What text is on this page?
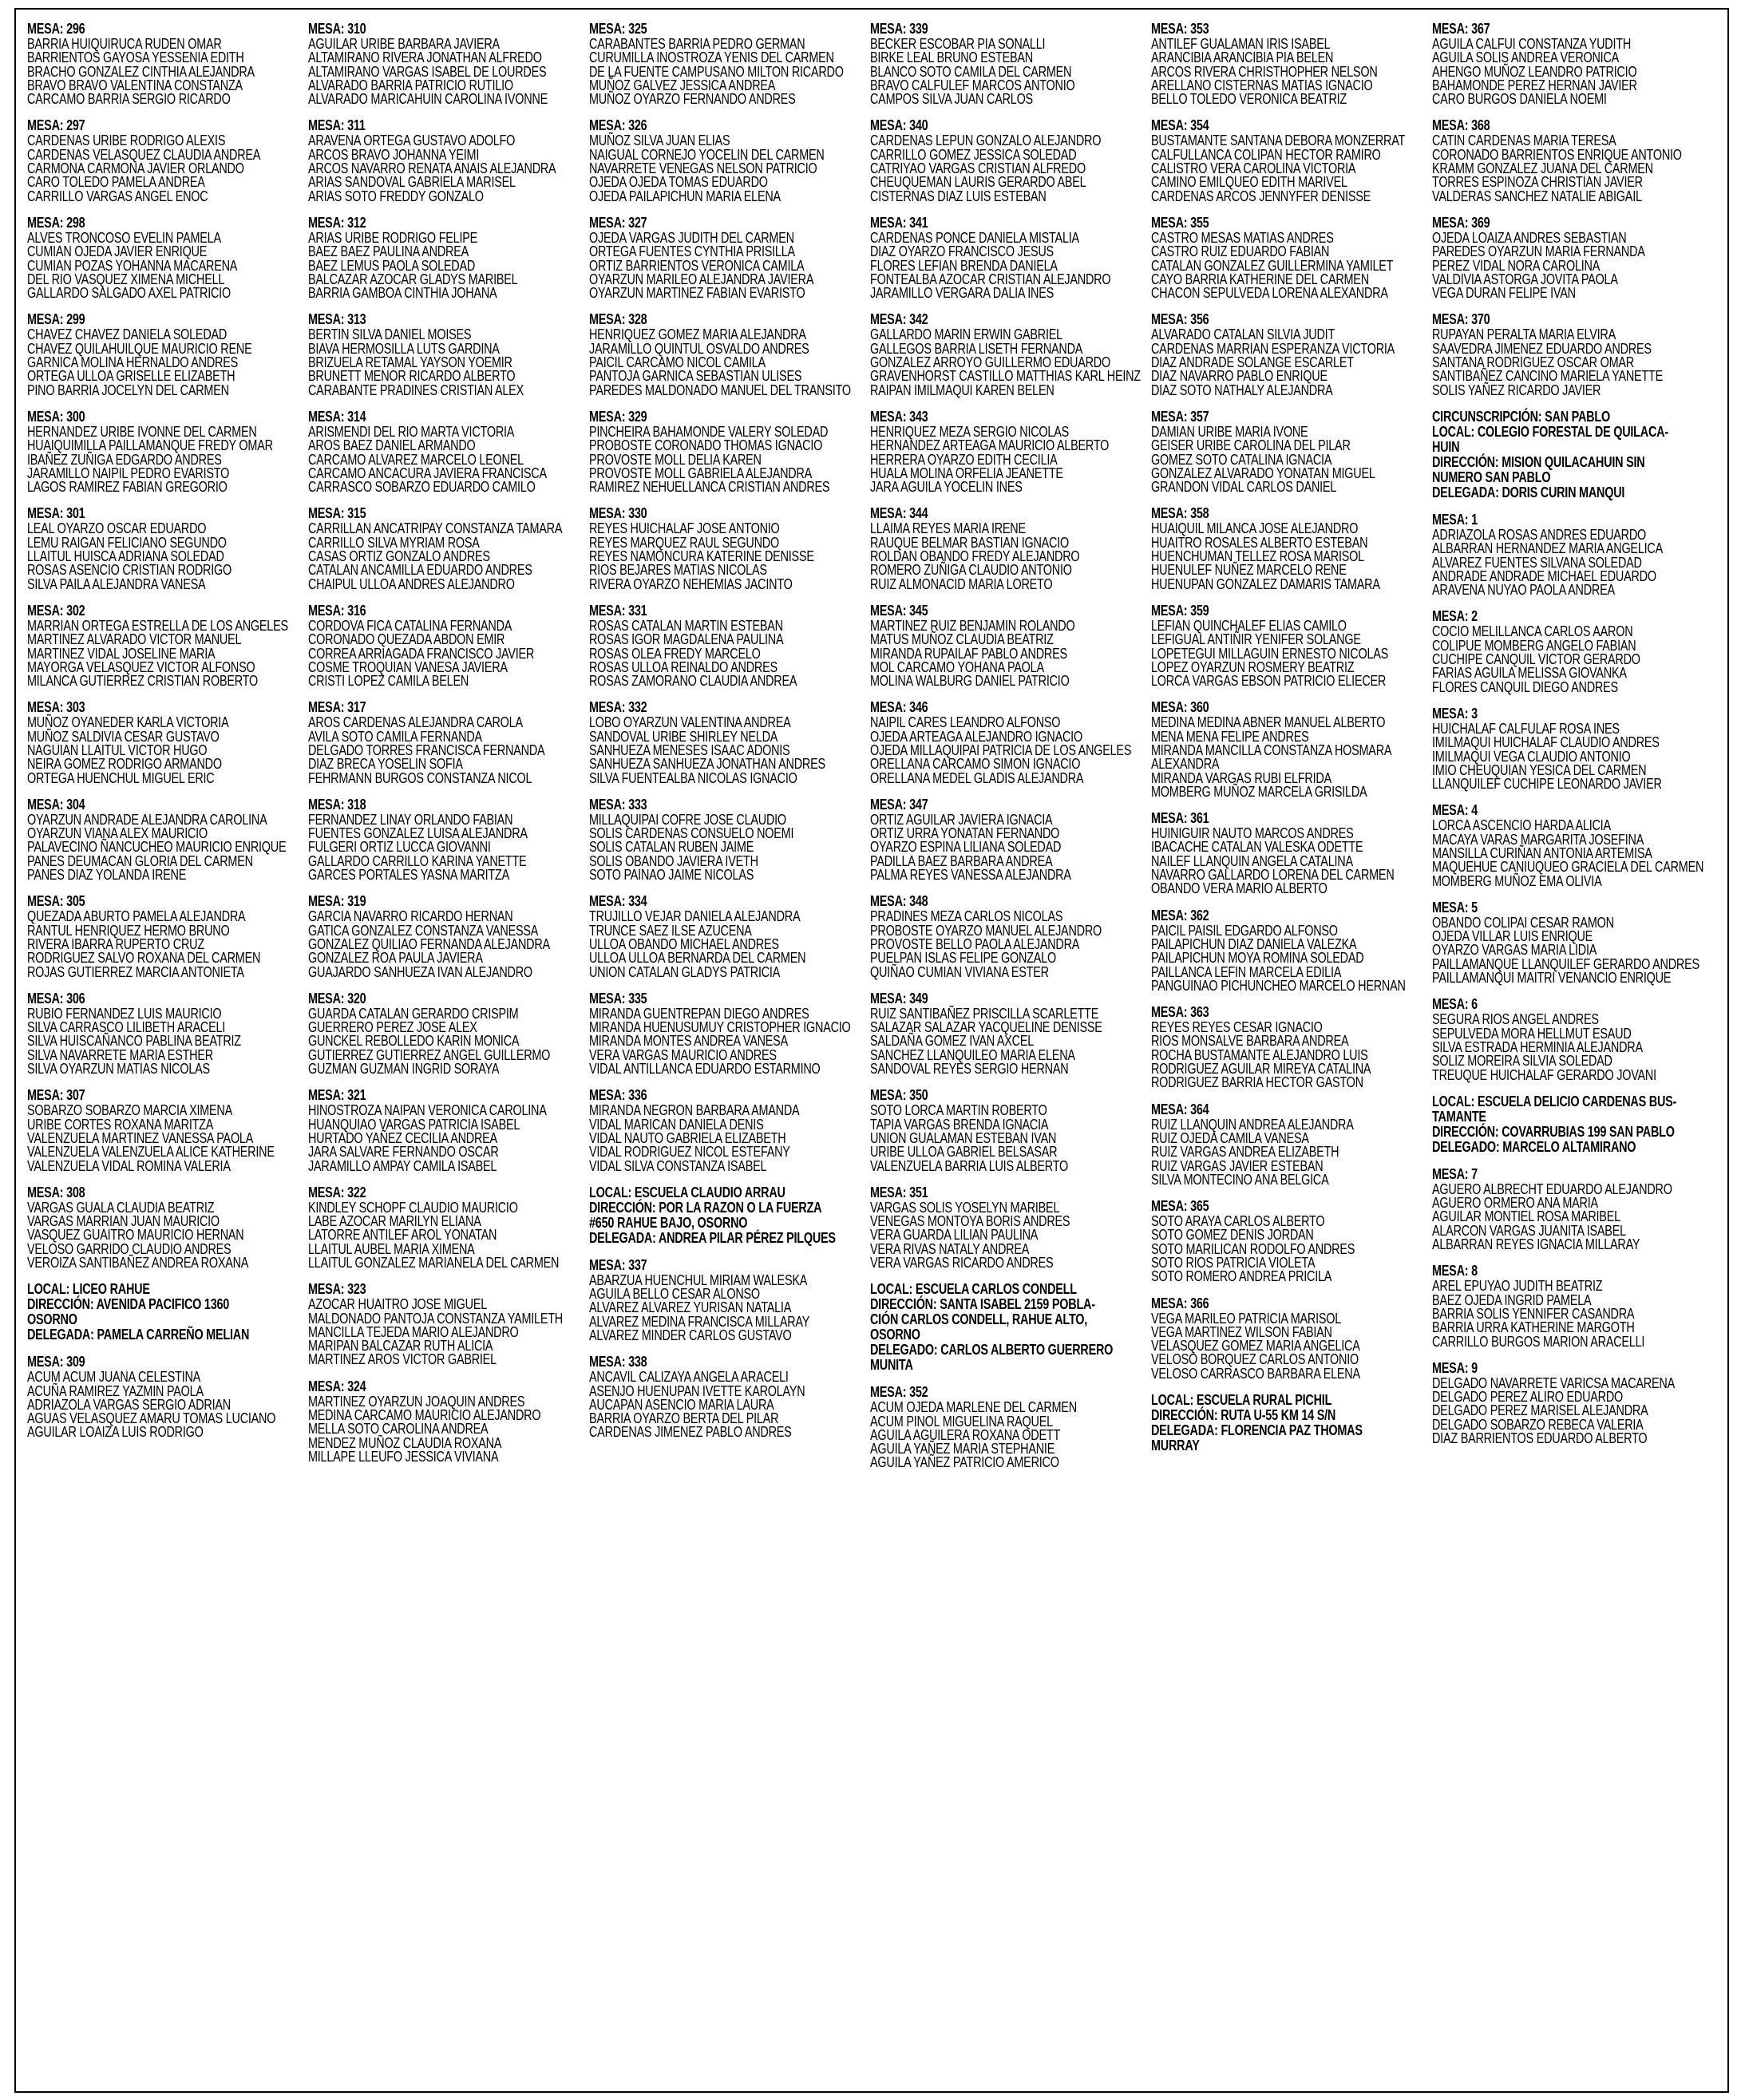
MESA: 296
BARRIA HUIQUIRUCA RUDEN OMAR
BARRIENTOS GAYOSA YESSENIA EDITH
BRACHO GONZALEZ CINTHIA ALEJANDRA
BRAVO BRAVO VALENTINA CONSTANZA
CARCAMO BARRIA SERGIO RICARDO
MESA: 297
CARDENAS URIBE RODRIGO ALEXIS
CARDENAS VELASQUEZ CLAUDIA ANDREA
CARMONA CARMONA JAVIER ORLANDO
CARO TOLEDO PAMELA ANDREA
CARRILLO VARGAS ANGEL ENOC
MESA: 298
ALVES TRONCOSO EVELIN PAMELA
CUMIAN OJEDA JAVIER ENRIQUE
CUMIAN POZAS YOHANNA MACARENA
DEL RIO VASQUEZ XIMENA MICHELL
GALLARDO SALGADO AXEL PATRICIO
MESA: 299
CHAVEZ CHAVEZ DANIELA SOLEDAD
CHAVEZ QUILAHUILQUE MAURICIO RENE
GARNICA MOLINA HERNALDO ANDRES
ORTEGA ULLOA GRISELLE ELIZABETH
PINO BARRIA JOCELYN DEL CARMEN
MESA: 300
HERNANDEZ URIBE IVONNE DEL CARMEN
HUAIQUIMILLA PAILLAMANQUE FREDY OMAR
IBAÑEZ ZUÑIGA EDGARDO ANDRES
JARAMILLO NAIPIL PEDRO EVARISTO
LAGOS RAMIREZ FABIAN GREGORIO
MESA: 301
LEAL OYARZO OSCAR EDUARDO
LEMU RAIGAN FELICIANO SEGUNDO
LLAITUL HUISCA ADRIANA SOLEDAD
ROSAS ASENCIO CRISTIAN RODRIGO
SILVA PAILA ALEJANDRA VANESA
MESA: 302
MARRIAN ORTEGA ESTRELLA DE LOS ANGELES
MARTINEZ ALVARADO VICTOR MANUEL
MARTINEZ VIDAL JOSELINE MARIA
MAYORGA VELASQUEZ VICTOR ALFONSO
MILANCA GUTIERREZ CRISTIAN ROBERTO
MESA: 303
MUÑOZ OYANEDER KARLA VICTORIA
MUÑOZ SALDIVIA CESAR GUSTAVO
NAGUIAN LLAITUL VICTOR HUGO
NEIRA GOMEZ RODRIGO ARMANDO
ORTEGA HUENCHUL MIGUEL ERIC
MESA: 304
OYARZUN ANDRADE ALEJANDRA CAROLINA
OYARZUN VIANA ALEX MAURICIO
PALAVECINO ÑANCUCHEO MAURICIO ENRIQUE
PANES DEUMACAN GLORIA DEL CARMEN
PANES DIAZ YOLANDA IRENE
MESA: 305
QUEZADA ABURTO PAMELA ALEJANDRA
RANTUL HENRIQUEZ HERMO BRUNO
RIVERA IBARRA RUPERTO CRUZ
RODRIGUEZ SALVO ROXANA DEL CARMEN
ROJAS GUTIERREZ MARCIA ANTONIETA
MESA: 306
RUBIO FERNANDEZ LUIS MAURICIO
SILVA CARRASCO LILIBETH ARACELI
SILVA HUISCAÑANCO PABLINA BEATRIZ
SILVA NAVARRETE MARIA ESTHER
SILVA OYARZUN MATIAS NICOLAS
MESA: 307
SOBARZO SOBARZO MARCIA XIMENA
URIBE CORTES ROXANA MARITZA
VALENZUELA MARTINEZ VANESSA PAOLA
VALENZUELA VALENZUELA ALICE KATHERINE
VALENZUELA VIDAL ROMINA VALERIA
MESA: 308
VARGAS GUALA CLAUDIA BEATRIZ
VARGAS MARRIAN JUAN MAURICIO
VASQUEZ GUAITRO MAURICIO HERNAN
VELOSO GARRIDO CLAUDIO ANDRES
VEROIZA SANTIBAÑEZ ANDREA ROXANA
LOCAL: LICEO RAHUE
DIRECCIÓN: AVENIDA PACIFICO 1360
OSORNO
DELEGADA: PAMELA CARREÑO MELIAN
MESA: 309
ACUM ACUM JUANA CELESTINA
ACUÑA RAMIREZ YAZMIN PAOLA
ADRIAZOLA VARGAS SERGIO ADRIAN
AGUAS VELASQUEZ AMARU TOMAS LUCIANO
AGUILAR LOAIZA LUIS RODRIGO
MESA: 310
AGUILAR URIBE BARBARA JAVIERA
ALTAMIRANO RIVERA JONATHAN ALFREDO
ALTAMIRANO VARGAS ISABEL DE LOURDES
ALVARADO BARRIA PATRICIO RUTILIO
ALVARADO MARICAHUIN CAROLINA IVONNE
MESA: 311
ARAVENA ORTEGA GUSTAVO ADOLFO
ARCOS BRAVO JOHANNA YEIMI
ARCOS NAVARRO RENATA ANAIS ALEJANDRA
ARIAS SANDOVAL GABRIELA MARISEL
ARIAS SOTO FREDDY GONZALO
MESA: 312
ARIAS URIBE RODRIGO FELIPE
BAEZ BAEZ PAULINA ANDREA
BAEZ LEMUS PAOLA SOLEDAD
BALCAZAR AZOCAR GLADYS MARIBEL
BARRIA GAMBOA CINTHIA JOHANA
MESA: 313
BERTIN SILVA DANIEL MOISES
BIAVA HERMOSILLA LUTS GARDINA
BRIZUELA RETAMAL YAYSON YOEMIR
BRUNETT MENOR RICARDO ALBERTO
CARABANTE PRADINES CRISTIAN ALEX
MESA: 314
ARISMENDI DEL RIO MARTA VICTORIA
AROS BAEZ DANIEL ARMANDO
CARCAMO ALVAREZ MARCELO LEONEL
CARCAMO ANCACURA JAVIERA FRANCISCA
CARRASCO SOBARZO EDUARDO CAMILO
MESA: 315
CARRILLAN ANCATRIPAY CONSTANZA TAMARA
CARRILLO SILVA MYRIAM ROSA
CASAS ORTIZ GONZALO ANDRES
CATALAN ANCAMILLA EDUARDO ANDRES
CHAIPUL ULLOA ANDRES ALEJANDRO
MESA: 316
CORDOVA FICA CATALINA FERNANDA
CORONADO QUEZADA ABDON EMIR
CORREA ARRIAGADA FRANCISCO JAVIER
COSME TROQUIAN VANESA JAVIERA
CRISTI LOPEZ CAMILA BELEN
MESA: 317
AROS CARDENAS ALEJANDRA CAROLA
AVILA SOTO CAMILA FERNANDA
DELGADO TORRES FRANCISCA FERNANDA
DIAZ BRECA YOSELIN SOFIA
FEHRMANN BURGOS CONSTANZA NICOL
MESA: 318
FERNANDEZ LINAY ORLANDO FABIAN
FUENTES GONZALEZ LUISA ALEJANDRA
FULGERI ORTIZ LUCCA GIOVANNI
GALLARDO CARRILLO KARINA YANETTE
GARCES PORTALES YASNA MARITZA
MESA: 319
GARCIA NAVARRO RICARDO HERNAN
GATICA GONZALEZ CONSTANZA VANESSA
GONZALEZ QUILIAO FERNANDA ALEJANDRA
GONZALEZ ROA PAULA JAVIERA
GUAJARDO SANHUEZA IVAN ALEJANDRO
MESA: 320
GUARDA CATALAN GERARDO CRISPIM
GUERRERO PEREZ JOSE ALEX
GUNCKEL REBOLLEDO KARIN MONICA
GUTIERREZ GUTIERREZ ANGEL GUILLERMO
GUZMAN GUZMAN INGRID SORAYA
MESA: 321
HINOSTROZA NAIPAN VERONICA CAROLINA
HUANQUIAO VARGAS PATRICIA ISABEL
HURTADO YAÑEZ CECILIA ANDREA
JARA SALVARE FERNANDO OSCAR
JARAMILLO AMPAY CAMILA ISABEL
MESA: 322
KINDLEY SCHOPF CLAUDIO MAURICIO
LABE AZOCAR MARILYN ELIANA
LATORRE ANTILEF AROL YONATAN
LLAITUL AUBEL MARIA XIMENA
LLAITUL GONZALEZ MARIANELA DEL CARMEN
MESA: 323
AZOCAR HUAITRO JOSE MIGUEL
MALDONADO PANTOJA CONSTANZA YAMILETH
MANCILLA TEJEDA MARIO ALEJANDRO
MARIPAN BALCAZAR RUTH ALICIA
MARTINEZ AROS VICTOR GABRIEL
MESA: 324
MARTINEZ OYARZUN JOAQUIN ANDRES
MEDINA CARCAMO MAURICIO ALEJANDRO
MELLA SOTO CAROLINA ANDREA
MENDEZ MUÑOZ CLAUDIA ROXANA
MILLAPE LLEUFO JESSICA VIVIANA
MESA: 325
CARABANTES BARRIA PEDRO GERMAN
CURUMILLA INOSTROZA YENIS DEL CARMEN
DE LA FUENTE CAMPUSANO MILTON RICARDO
MUÑOZ GALVEZ JESSICA ANDREA
MUÑOZ OYARZO FERNANDO ANDRES
MESA: 326
MUÑOZ SILVA JUAN ELIAS
NAIGUAL CORNEJO YOCELIN DEL CARMEN
NAVARRETE VENEGAS NELSON PATRICIO
OJEDA OJEDA TOMAS EDUARDO
OJEDA PAILAPICHUN MARIA ELENA
MESA: 327
OJEDA VARGAS JUDITH DEL CARMEN
ORTEGA FUENTES CYNTHIA PRISILLA
ORTIZ BARRIENTOS VERONICA CAMILA
OYARZUN MARILEO ALEJANDRA JAVIERA
OYARZUN MARTINEZ FABIAN EVARISTO
MESA: 328
HENRIQUEZ GOMEZ MARIA ALEJANDRA
JARAMILLO QUINTUL OSVALDO ANDRES
PAICIL CARCAMO NICOL CAMILA
PANTOJA GARNICA SEBASTIAN ULISES
PAREDES MALDONADO MANUEL DEL TRANSITO
MESA: 329
PINCHEIRA BAHAMONDE VALERY SOLEDAD
PROBOSTE CORONADO THOMAS IGNACIO
PROVOSTE MOLL DELIA KAREN
PROVOSTE MOLL GABRIELA ALEJANDRA
RAMIREZ NEHUELLANCA CRISTIAN ANDRES
MESA: 330
REYES HUICHALAF JOSE ANTONIO
REYES MARQUEZ RAUL SEGUNDO
REYES NAMONCURA KATERINE DENISSE
RIOS BEJARES MATIAS NICOLAS
RIVERA OYARZO NEHEMIAS JACINTO
MESA: 331
ROSAS CATALAN MARTIN ESTEBAN
ROSAS IGOR MAGDALENA PAULINA
ROSAS OLEA FREDY MARCELO
ROSAS ULLOA REINALDO ANDRES
ROSAS ZAMORANO CLAUDIA ANDREA
MESA: 332
LOBO OYARZUN VALENTINA ANDREA
SANDOVAL URIBE SHIRLEY NELDA
SANHUEZA MENESES ISAAC ADONIS
SANHUEZA SANHUEZA JONATHAN ANDRES
SILVA FUENTEALBA NICOLAS IGNACIO
MESA: 333
MILLAQUIPAI COFRE JOSE CLAUDIO
SOLIS CARDENAS CONSUELO NOEMI
SOLIS CATALAN RUBEN JAIME
SOLIS OBANDO JAVIERA IVETH
SOTO PAINAO JAIME NICOLAS
MESA: 334
TRUJILLO VEJAR DANIELA ALEJANDRA
TRUNCE SAEZ ILSE AZUCENA
ULLOA OBANDO MICHAEL ANDRES
ULLOA ULLOA BERNARDA DEL CARMEN
UNION CATALAN GLADYS PATRICIA
MESA: 335
MIRANDA GUENTREPAN DIEGO ANDRES
MIRANDA HUENUSUMUY CRISTOPHER IGNACIO
MIRANDA MONTES ANDREA VANESA
VERA VARGAS MAURICIO ANDRES
VIDAL ANTILLANCA EDUARDO ESTARMINO
MESA: 336
MIRANDA NEGRON BARBARA AMANDA
VIDAL MARICAN DANIELA DENIS
VIDAL NAUTO GABRIELA ELIZABETH
VIDAL RODRIGUEZ NICOL ESTEFANY
VIDAL SILVA CONSTANZA ISABEL
LOCAL: ESCUELA CLAUDIO ARRAU
DIRECCIÓN: POR LA RAZON O LA FUERZA
#650 RAHUE BAJO, OSORNO
DELEGADA: ANDREA PILAR PÉREZ PILQUES
MESA: 337
ABARZUA HUENCHUL MIRIAM WALESKA
AGUILA BELLO CESAR ALONSO
ALVAREZ ALVAREZ YURISAN NATALIA
ALVAREZ MEDINA FRANCISCA MILLARAY
ALVAREZ MINDER CARLOS GUSTAVO
MESA: 338
ANCAVIL CALIZAYA ANGELA ARACELI
ASENJO HUENUPAN IVETTE KAROLAYN
AUCAPAN ASENCIO MARIA LAURA
BARRIA OYARZO BERTA DEL PILAR
CARDENAS JIMENEZ PABLO ANDRES
MESA: 339
BECKER ESCOBAR PIA SONALLI
BIRKE LEAL BRUNO ESTEBAN
BLANCO SOTO CAMILA DEL CARMEN
BRAVO CALFULEF MARCOS ANTONIO
CAMPOS SILVA JUAN CARLOS
MESA: 340
CARDENAS LEPUN GONZALO ALEJANDRO
CARRILLO GOMEZ JESSICA SOLEDAD
CATRIYAO VARGAS CRISTIAN ALFREDO
CHEUQUEMAN LAURIS GERARDO ABEL
CISTERNAS DIAZ LUIS ESTEBAN
MESA: 341
CARDENAS PONCE DANIELA MISTALIA
DIAZ OYARZO FRANCISCO JESUS
FLORES LEFIAN BRENDA DANIELA
FONTEALBA AZOCAR CRISTIAN ALEJANDRO
JARAMILLO VERGARA DALIA INES
MESA: 342
GALLARDO MARIN ERWIN GABRIEL
GALLEGOS BARRIA LISETH FERNANDA
GONZALEZ ARROYO GUILLERMO EDUARDO
GRAVENHORST CASTILLO MATTHIAS KARL HEINZ
RAIPAN IMILMAQUI KAREN BELEN
MESA: 343
HENRIQUEZ MEZA SERGIO NICOLAS
HERNANDEZ ARTEAGA MAURICIO ALBERTO
HERRERA OYARZO EDITH CECILIA
HUALA MOLINA ORFELIA JEANETTE
JARA AGUILA YOCELIN INES
MESA: 344
LLAIMA REYES MARIA IRENE
RAUQUE BELMAR BASTIAN IGNACIO
ROLDAN OBANDO FREDY ALEJANDRO
ROMERO ZUÑIGA CLAUDIO ANTONIO
RUIZ ALMONACID MARIA LORETO
MESA: 345
MARTINEZ RUIZ BENJAMIN ROLANDO
MATUS MUÑOZ CLAUDIA BEATRIZ
MIRANDA RUPAILAF PABLO ANDRES
MOL CARCAMO YOHANA PAOLA
MOLINA WALBURG DANIEL PATRICIO
MESA: 346
NAIPIL CARES LEANDRO ALFONSO
OJEDA ARTEAGA ALEJANDRO IGNACIO
OJEDA MILLAQUIPAI PATRICIA DE LOS ANGELES
ORELLANA CARCAMO SIMON IGNACIO
ORELLANA MEDEL GLADIS ALEJANDRA
MESA: 347
ORTIZ AGUILAR JAVIERA IGNACIA
ORTIZ URRA YONATAN FERNANDO
OYARZO ESPINA LILIANA SOLEDAD
PADILLA BAEZ BARBARA ANDREA
PALMA REYES VANESSA ALEJANDRA
MESA: 348
PRADINES MEZA CARLOS NICOLAS
PROBOSTE OYARZO MANUEL ALEJANDRO
PROVOSTE BELLO PAOLA ALEJANDRA
PUELPAN ISLAS FELIPE GONZALO
QUIÑAO CUMIAN VIVIANA ESTER
MESA: 349
RUIZ SANTIBAÑEZ PRISCILLA SCARLETTE
SALAZAR SALAZAR YACQUELINE DENISSE
SALDAÑA GOMEZ IVAN AXCEL
SANCHEZ LLANQUILEO MARIA ELENA
SANDOVAL REYES SERGIO HERNAN
MESA: 350
SOTO LORCA MARTIN ROBERTO
TAPIA VARGAS BRENDA IGNACIA
UNION GUALAMAN ESTEBAN IVAN
URIBE ULLOA GABRIEL BELSASAR
VALENZUELA BARRIA LUIS ALBERTO
MESA: 351
VARGAS SOLIS YOSELYN MARIBEL
VENEGAS MONTOYA BORIS ANDRES
VERA GUARDA LILIAN PAULINA
VERA RIVAS NATALY ANDREA
VERA VARGAS RICARDO ANDRES
LOCAL: ESCUELA CARLOS CONDELL
DIRECCIÓN: SANTA ISABEL 2159 POBLA-
CIÓN CARLOS CONDELL, RAHUE ALTO,
OSORNO
DELEGADO: CARLOS ALBERTO GUERRERO
MUNITA
MESA: 352
ACUM OJEDA MARLENE DEL CARMEN
ACUM PINOL MIGUELINA RAQUEL
AGUILA AGUILERA ROXANA ODETT
AGUILA YAÑEZ MARIA STEPHANIE
AGUILA YAÑEZ PATRICIO AMERICO
MESA: 353
ANTILEF GUALAMAN IRIS ISABEL
ARANCIBIA ARANCIBIA PIA BELEN
ARCOS RIVERA CHRISTHOPHER NELSON
ARELLANO CISTERNAS MATIAS IGNACIO
BELLO TOLEDO VERONICA BEATRIZ
MESA: 354
BUSTAMANTE SANTANA DEBORA MONZERRAT
CALFULLANCA COLIPAN HECTOR RAMIRO
CALISTRO VERA CAROLINA VICTORIA
CAMINO EMILQUEO EDITH MARIVEL
CARDENAS ARCOS JENNYFER DENISSE
MESA: 355
CASTRO MESAS MATIAS ANDRES
CASTRO RUIZ EDUARDO FABIAN
CATALAN GONZALEZ GUILLERMINA YAMILET
CAYO BARRIA KATHERINE DEL CARMEN
CHACON SEPULVEDA LORENA ALEXANDRA
MESA: 356
ALVARADO CATALAN SILVIA JUDIT
CARDENAS MARRIAN ESPERANZA VICTORIA
DIAZ ANDRADE SOLANGE ESCARLET
DIAZ NAVARRO PABLO ENRIQUE
DIAZ SOTO NATHALY ALEJANDRA
MESA: 357
DAMIAN URIBE MARIA IVONE
GEISER URIBE CAROLINA DEL PILAR
GOMEZ SOTO CATALINA IGNACIA
GONZALEZ ALVARADO YONATAN MIGUEL
GRANDON VIDAL CARLOS DANIEL
MESA: 358
HUAIQUIL MILANCA JOSE ALEJANDRO
HUAITRO ROSALES ALBERTO ESTEBAN
HUENCHUMAN TELLEZ ROSA MARISOL
HUENULEF NUÑEZ MARCELO RENE
HUENUPAN GONZALEZ DAMARIS TAMARA
MESA: 359
LEFIAN QUINCHALEF ELIAS CAMILO
LEFIGUAL ANTIÑIR YENIFER SOLANGE
LOPETEGUI MILLAGUIN ERNESTO NICOLAS
LOPEZ OYARZUN ROSMERY BEATRIZ
LORCA VARGAS EBSON PATRICIO ELIECER
MESA: 360
MEDINA MEDINA ABNER MANUEL ALBERTO
MENA MENA FELIPE ANDRES
MIRANDA MANCILLA CONSTANZA HOSMARA
ALEXANDRA
MIRANDA VARGAS RUBI ELFRIDA
MOMBERG MUÑOZ MARCELA GRISILDA
MESA: 361
HUINIGUIR NAUTO MARCOS ANDRES
IBACACHE CATALAN VALESKA ODETTE
NAILEF LLANQUIN ANGELA CATALINA
NAVARRO GALLARDO LORENA DEL CARMEN
OBANDO VERA MARIO ALBERTO
MESA: 362
PAICIL PAISIL EDGARDO ALFONSO
PAILAPICHUN DIAZ DANIELA VALEZKA
PAILAPICHUN MOYA ROMINA SOLEDAD
PAILLANCA LEFIN MARCELA EDILIA
PANGUINAO PICHUNCHEO MARCELO HERNAN
MESA: 363
REYES REYES CESAR IGNACIO
RIOS MONSALVE BARBARA ANDREA
ROCHA BUSTAMANTE ALEJANDRO LUIS
RODRIGUEZ AGUILAR MIREYA CATALINA
RODRIGUEZ BARRIA HECTOR GASTON
MESA: 364
RUIZ LLANQUIN ANDREA ALEJANDRA
RUIZ OJEDA CAMILA VANESA
RUIZ VARGAS ANDREA ELIZABETH
RUIZ VARGAS JAVIER ESTEBAN
SILVA MONTECINO ANA BELGICA
MESA: 365
SOTO ARAYA CARLOS ALBERTO
SOTO GOMEZ DENIS JORDAN
SOTO MARILICAN RODOLFO ANDRES
SOTO RIOS PATRICIA VIOLETA
SOTO ROMERO ANDREA PRICILA
MESA: 366
VEGA MARILEO PATRICIA MARISOL
VEGA MARTINEZ WILSON FABIAN
VELASQUEZ GOMEZ MARIA ANGELICA
VELOSO BORQUEZ CARLOS ANTONIO
VELOSO CARRASCO BARBARA ELENA
LOCAL: ESCUELA RURAL PICHIL
DIRECCIÓN: RUTA U-55 KM 14 S/N
DELEGADA: FLORENCIA PAZ THOMAS
MURRAY
MESA: 367
AGUILA CALFUI CONSTANZA YUDITH
AGUILA SOLIS ANDREA VERONICA
AHENGO MUÑOZ LEANDRO PATRICIO
BAHAMONDE PEREZ HERNAN JAVIER
CARO BURGOS DANIELA NOEMI
MESA: 368
CATIN CARDENAS MARIA TERESA
CORONADO BARRIENTOS ENRIQUE ANTONIO
KRAMM GONZALEZ JUANA DEL CARMEN
TORRES ESPINOZA CHRISTIAN JAVIER
VALDERAS SANCHEZ NATALIE ABIGAIL
MESA: 369
OJEDA LOAIZA ANDRES SEBASTIAN
PAREDES OYARZUN MARIA FERNANDA
PEREZ VIDAL NORA CAROLINA
VALDIVIA ASTORGA JOVITA PAOLA
VEGA DURAN FELIPE IVAN
MESA: 370
RUPAYAN PERALTA MARIA ELVIRA
SAAVEDRA JIMENEZ EDUARDO ANDRES
SANTANA RODRIGUEZ OSCAR OMAR
SANTIBAÑEZ CANCINO MARIELA YANETTE
SOLIS YAÑEZ RICARDO JAVIER
CIRCUNSCRIPCIÓN: SAN PABLO
LOCAL: COLEGIO FORESTAL DE QUILACA-
HUIN
DIRECCIÓN: MISION QUILACAHUIN SIN
NUMERO SAN PABLO
DELEGADA: DORIS CURIN MANQUI
MESA: 1
ADRIAZOLA ROSAS ANDRES EDUARDO
ALBARRAN HERNANDEZ MARIA ANGELICA
ALVAREZ FUENTES SILVANA SOLEDAD
ANDRADE ANDRADE MICHAEL EDUARDO
ARAVENA NUYAO PAOLA ANDREA
MESA: 2
COCIO MELILLANCA CARLOS AARON
COLIPUE MOMBERG ANGELO FABIAN
CUCHIPE CANQUIL VICTOR GERARDO
FARIAS AGUILA MELISSA GIOVANKA
FLORES CANQUIL DIEGO ANDRES
MESA: 3
HUICHALAF CALFULAF ROSA INES
IMILMAQUI HUICHALAF CLAUDIO ANDRES
IMILMAQUI VEGA CLAUDIO ANTONIO
IMIO CHEUQUIAN YESICA DEL CARMEN
LLANQUILEF CUCHIPE LEONARDO JAVIER
MESA: 4
LORCA ASCENCIO HARDA ALICIA
MACAYA VARAS MARGARITA JOSEFINA
MANSILLA CURIÑAN ANTONIA ARTEMISA
MAQUEHUE CANIUQUEO GRACIELA DEL CARMEN
MOMBERG MUÑOZ EMA OLIVIA
MESA: 5
OBANDO COLIPAI CESAR RAMON
OJEDA VILLAR LUIS ENRIQUE
OYARZO VARGAS MARIA LIDIA
PAILLAMANQUE LLANQUILEF GERARDO ANDRES
PAILLAMANQUI MAITRI VENANCIO ENRIQUE
MESA: 6
SEGURA RIOS ANGEL ANDRES
SEPULVEDA MORA HELLMUT ESAUD
SILVA ESTRADA HERMINIA ALEJANDRA
SOLIZ MOREIRA SILVIA SOLEDAD
TREUQUE HUICHALAF GERARDO JOVANI
LOCAL: ESCUELA DELICIO CARDENAS BUS-
TAMANTE
DIRECCIÓN: COVARRUBIAS 199 SAN PABLO
DELEGADO: MARCELO ALTAMIRANO
MESA: 7
AGUERO ALBRECHT EDUARDO ALEJANDRO
AGUERO ORMERO ANA MARIA
AGUILAR MONTIEL ROSA MARIBEL
ALARCON VARGAS JUANITA ISABEL
ALBARRAN REYES IGNACIA MILLARAY
MESA: 8
AREL EPUYAO JUDITH BEATRIZ
BAEZ OJEDA INGRID PAMELA
BARRIA SOLIS YENNIFER CASANDRA
BARRIA URRA KATHERINE MARGOTH
CARRILLO BURGOS MARION ARACELLI
MESA: 9
DELGADO NAVARRETE VARICSA MACARENA
DELGADO PEREZ ALIRO EDUARDO
DELGADO PEREZ MARISEL ALEJANDRA
DELGADO SOBARZO REBECA VALERIA
DIAZ BARRIENTOS EDUARDO ALBERTO
